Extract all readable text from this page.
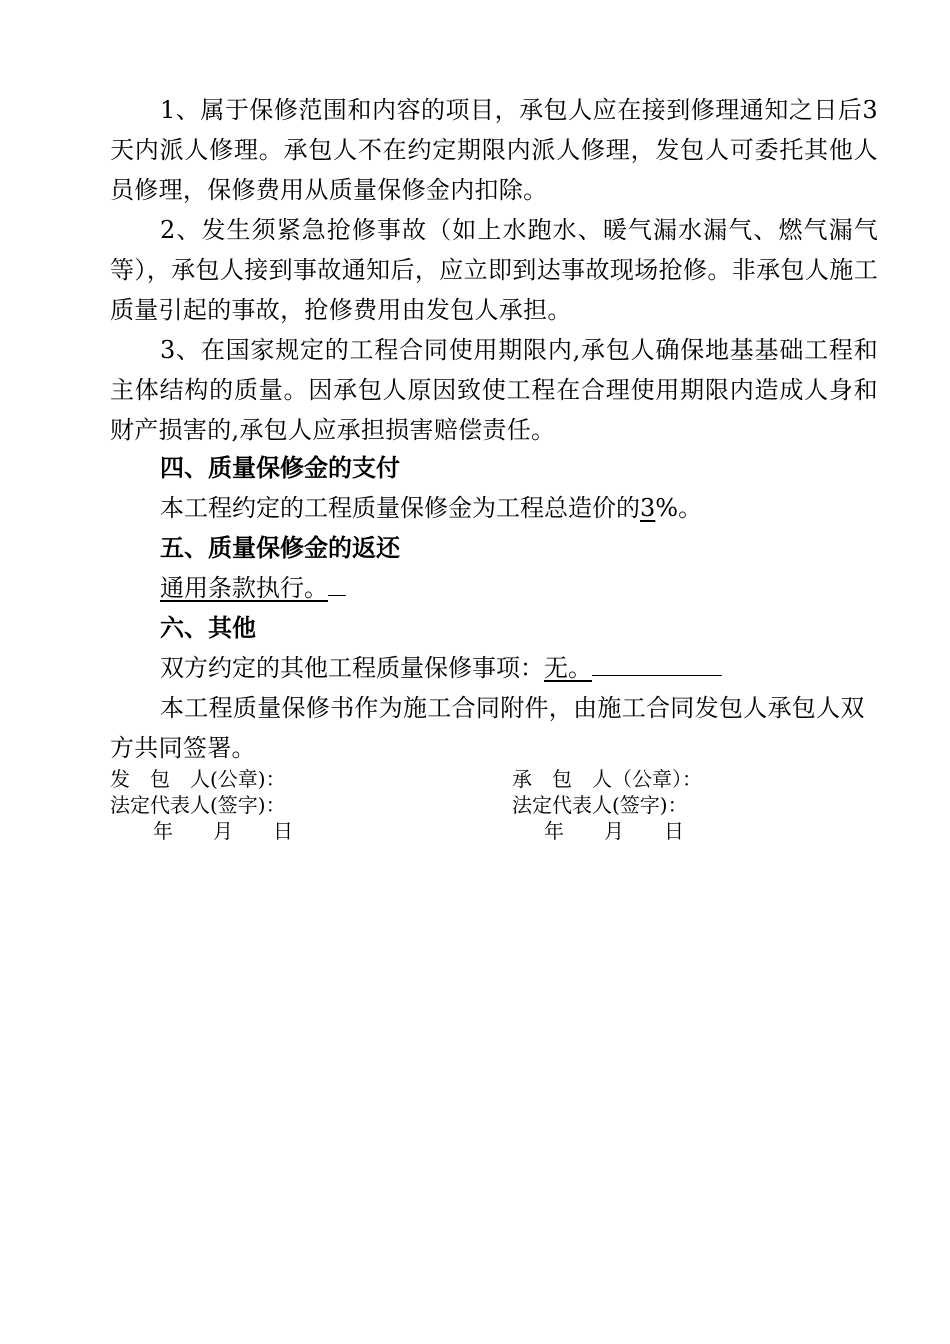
1、属于保修范围和内容的项目，承包人应在接到修理通知之日后3天内派人修理。承包人不在约定期限内派人修理，发包人可委托其他人员修理，保修费用从质量保修金内扣除。

2、发生须紧急抢修事故（如上水跑水、暖气漏水漏气、燃气漏气等），承包人接到事故通知后，应立即到达事故现场抢修。非承包人施工质量引起的事故，抢修费用由发包人承担。

3、在国家规定的工程合同使用期限内,承包人确保地基基础工程和主体结构的质量。因承包人原因致使工程在合理使用期限内造成人身和财产损害的,承包人应承担损害赔偿责任。

四、质量保修金的支付

本工程约定的工程质量保修金为工程总造价的3%。

五、质量保修金的返还

通用条款执行。

六、其他

双方约定的其他工程质量保修事项：无。

本工程质量保修书作为施工合同附件，由施工合同发包人承包人双方共同签署。

发　包　人(公章)：

法定代表人(签字)：

　年　　月　　日

承　包　人（公章）：

法定代表人(签字)：

　年　　月　　日
